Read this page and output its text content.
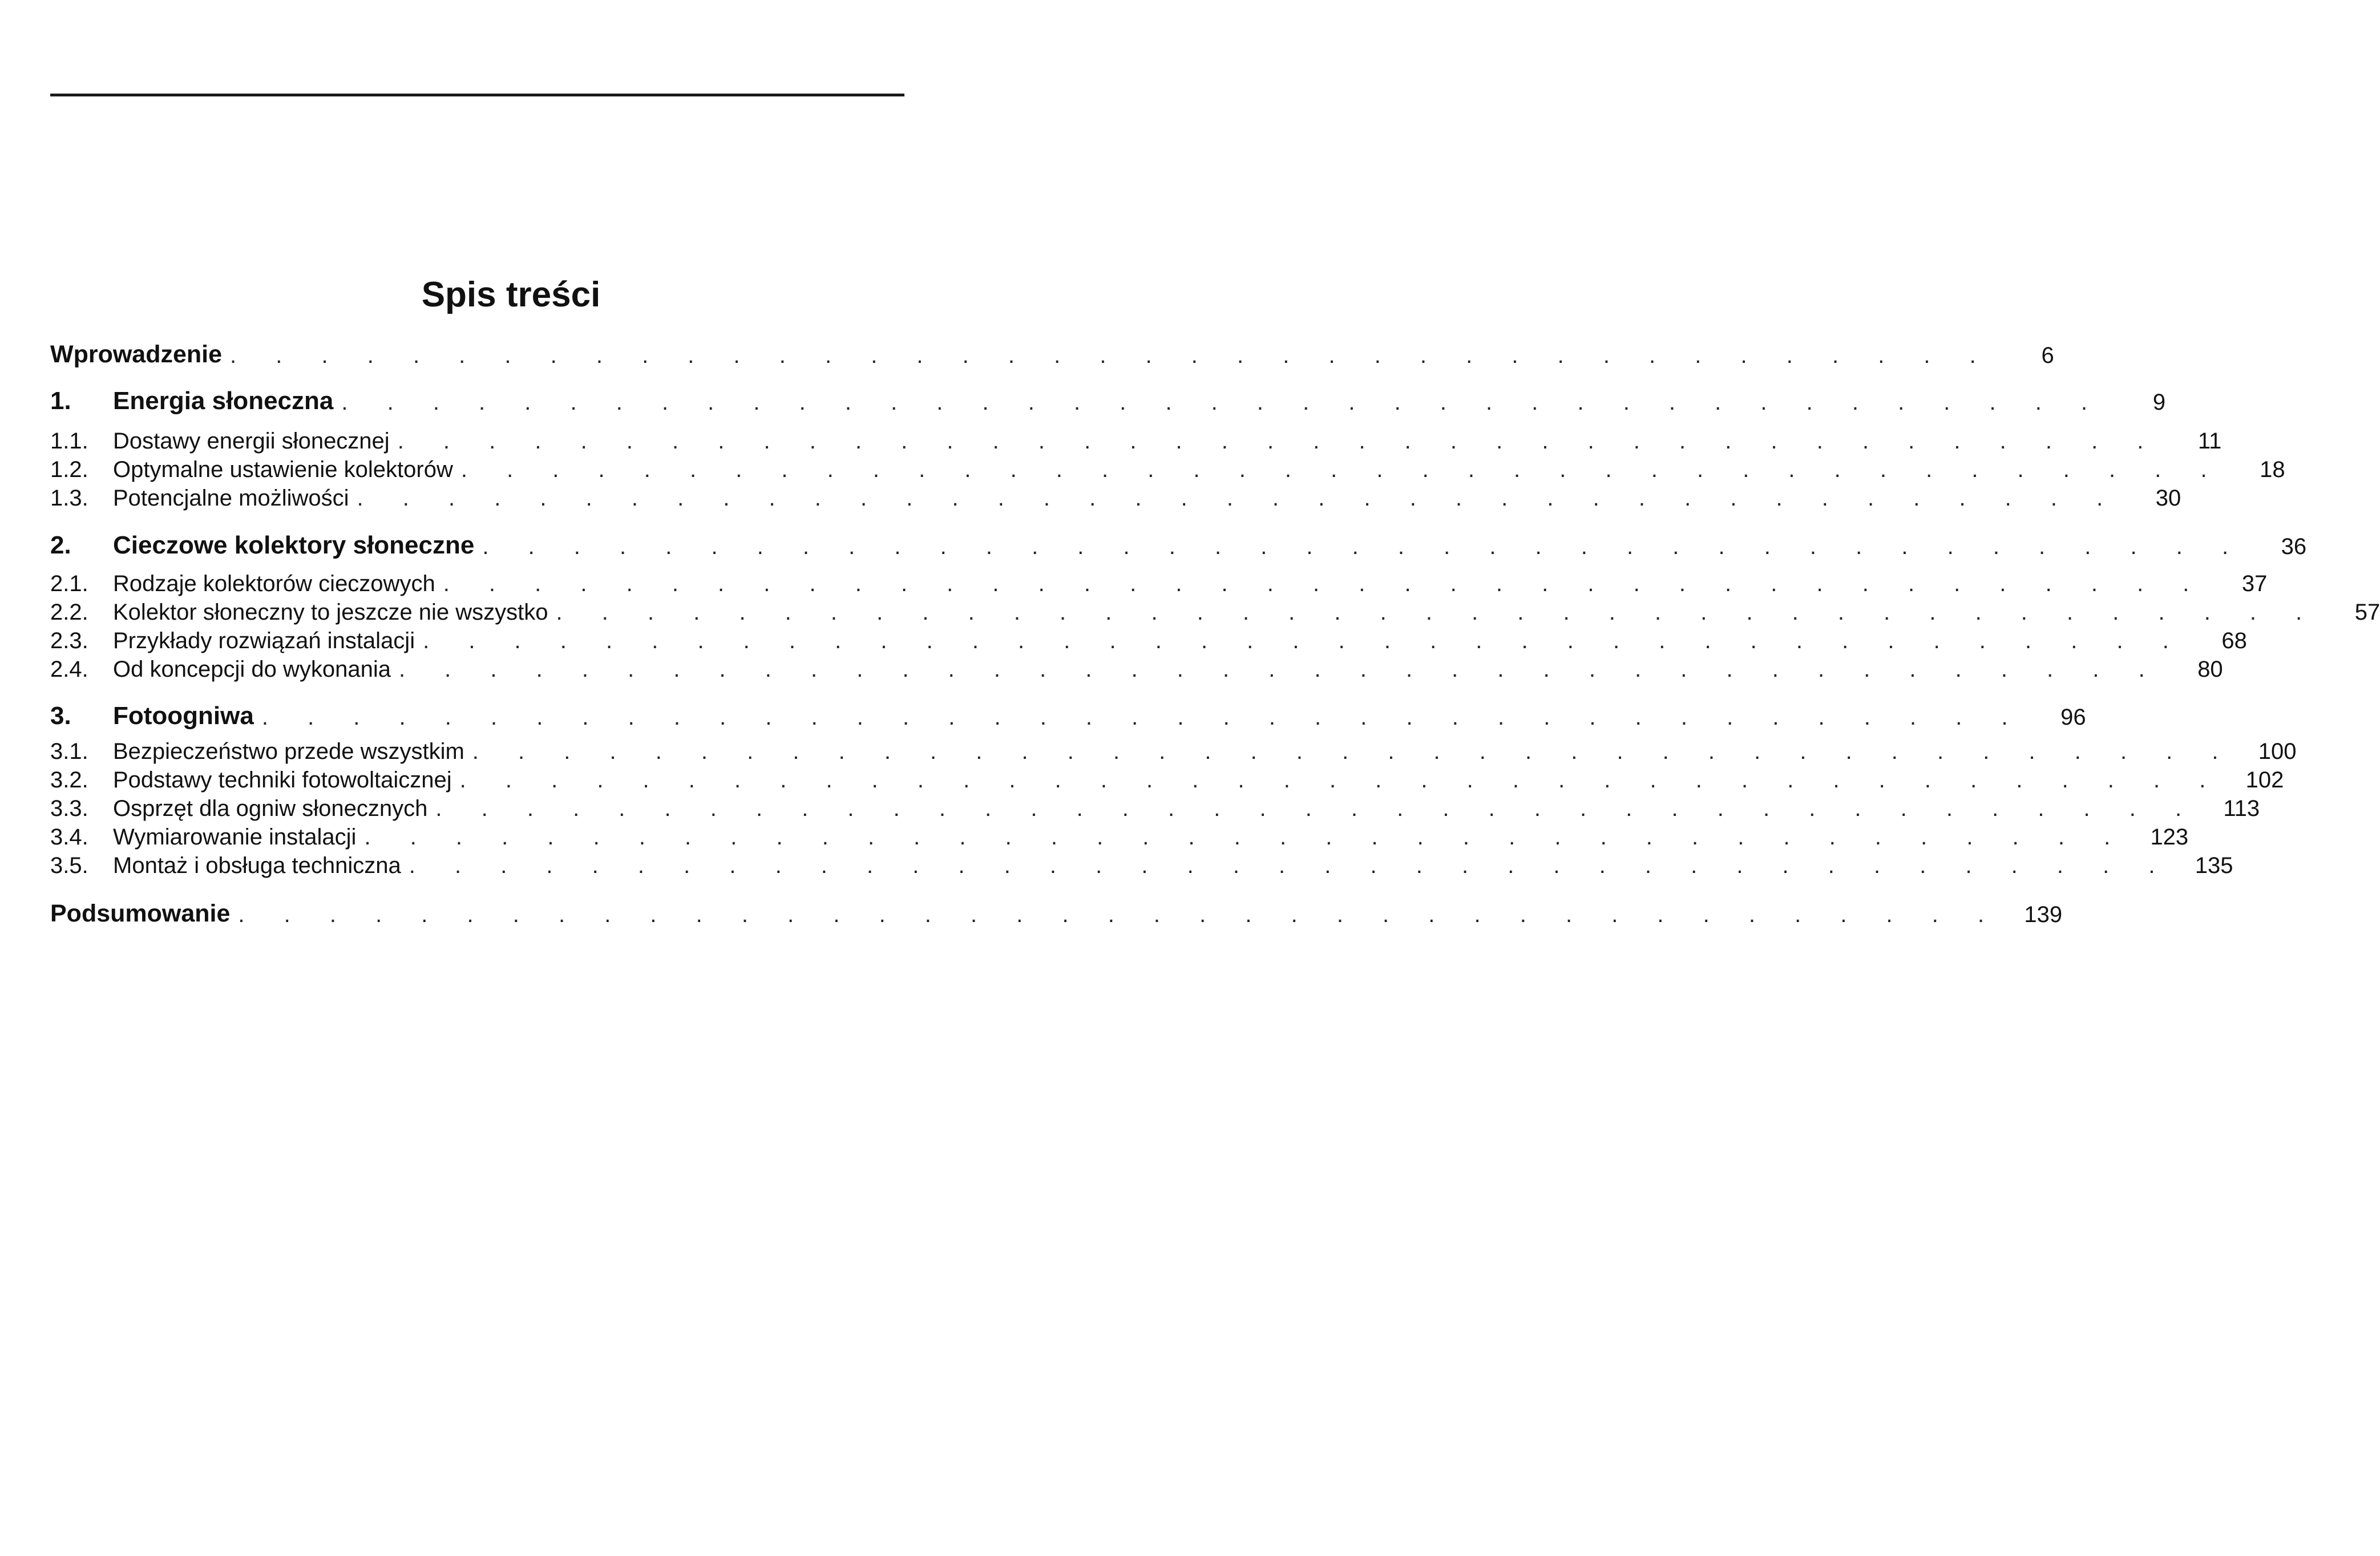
Spis treści
Wprowadzenie . . . . . . . . . . . . . . . . . . . . . . . . . . . . . . . . . . . . . . .	6
1.	Energia słoneczna . . . . . . . . . . . . . . . . . . . . . . . . . . . . . . . . . . . . . . .	9
1.1.	Dostawy energii słonecznej . . . . . . . . . . . . . . . . . . . . . . . . . . . . . . . . . . . . . . .	11
1.2.	Optymalne ustawienie kolektorów . . . . . . . . . . . . . . . . . . . . . . . . . . . . . . . . . . . . . . .	18
1.3.	Potencjalne możliwości . . . . . . . . . . . . . . . . . . . . . . . . . . . . . . . . . . . . . . .	30
2.	Cieczowe kolektory słoneczne . . . . . . . . . . . . . . . . . . . . . . . . . . . . . . . . . . . . . . .	36
2.1.	Rodzaje kolektorów cieczowych . . . . . . . . . . . . . . . . . . . . . . . . . . . . . . . . . . . . . . .	37
2.2.	Kolektor słoneczny to jeszcze nie wszystko . . . . . . . . . . . . . . . . . . . . . . . . . . . . . . . . . . . . . . .	57
2.3.	Przykłady rozwiązań instalacji . . . . . . . . . . . . . . . . . . . . . . . . . . . . . . . . . . . . . . .	68
2.4.	Od koncepcji do wykonania . . . . . . . . . . . . . . . . . . . . . . . . . . . . . . . . . . . . . . .	80
3.	Fotoogniwa . . . . . . . . . . . . . . . . . . . . . . . . . . . . . . . . . . . . . . .	96
3.1.	Bezpieczeństwo przede wszystkim . . . . . . . . . . . . . . . . . . . . . . . . . . . . . . . . . . . . . . . 100
3.2.	Podstawy techniki fotowoltaicznej . . . . . . . . . . . . . . . . . . . . . . . . . . . . . . . . . . . . . . . 102
3.3.	Osprzęt dla ogniw słonecznych . . . . . . . . . . . . . . . . . . . . . . . . . . . . . . . . . . . . . . . 113
3.4.	Wymiarowanie instalacji . . . . . . . . . . . . . . . . . . . . . . . . . . . . . . . . . . . . . . . 123
3.5.	Montaż i obsługa techniczna . . . . . . . . . . . . . . . . . . . . . . . . . . . . . . . . . . . . . . . 135
Podsumowanie . . . . . . . . . . . . . . . . . . . . . . . . . . . . . . . . . . . . . . . 139
